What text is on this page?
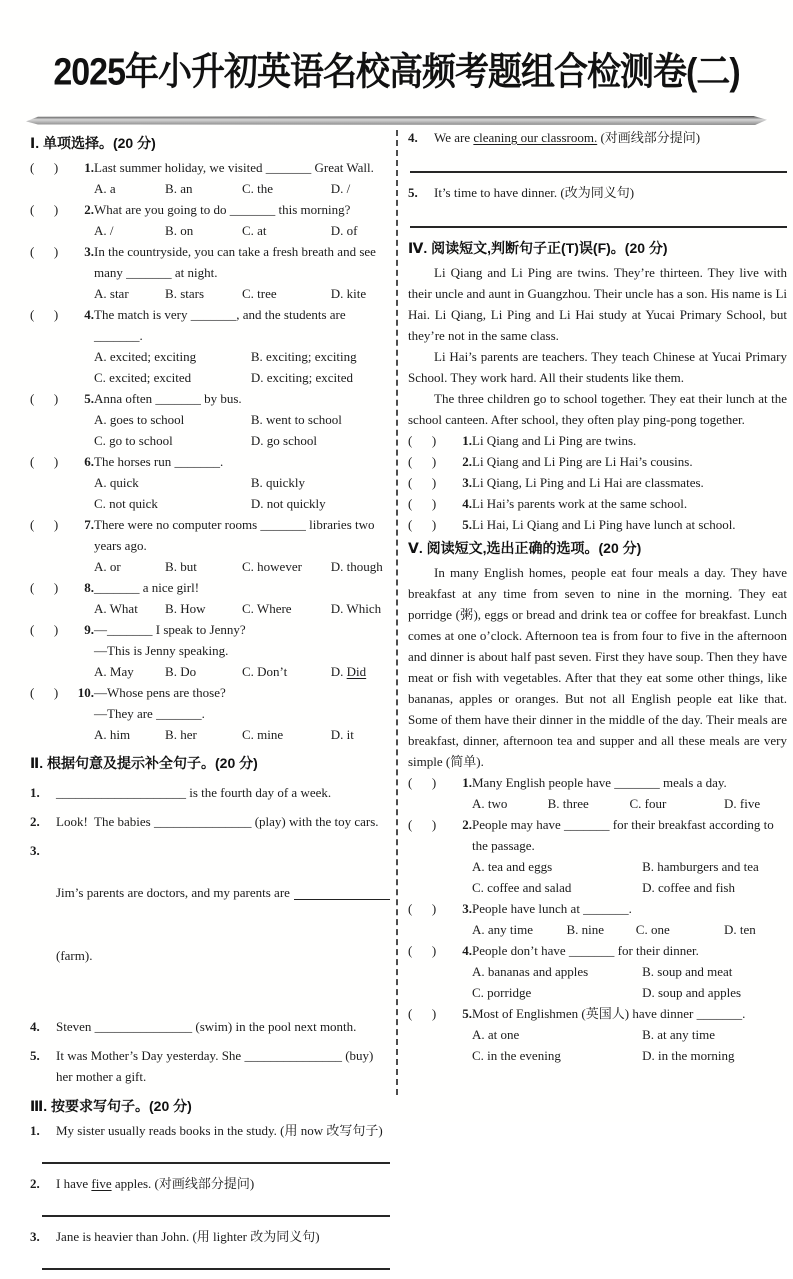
2025年小升初英语名校高频考题组合检测卷(二)
Ⅰ. 单项选择。(20 分)
(      ) 1. Last summer holiday, we visited _______ Great Wall.
A. a	B. an	C. the	D. /
(      ) 2. What are you going to do _______ this morning?
A. /	B. on	C. at	D. of
(      ) 3. In the countryside, you can take a fresh breath and see many _______ at night.
A. star	B. stars	C. tree	D. kite
(      ) 4. The match is very _______, and the students are _______.
A. excited; exciting	B. exciting; exciting
C. excited; excited	D. exciting; excited
(      ) 5. Anna often _______ by bus.
A. goes to school	B. went to school
C. go to school	D. go school
(      ) 6. The horses run _______.
A. quick	B. quickly
C. not quick	D. not quickly
(      ) 7. There were no computer rooms _______ libraries two years ago.
A. or	B. but	C. however	D. though
(      ) 8. _______ a nice girl!
A. What	B. How	C. Where	D. Which
(      ) 9. —_______ I speak to Jenny?
—This is Jenny speaking.
A. May	B. Do	C. Don’t	D. Did
(      ) 10. —Whose pens are those?
—They are _______.
A. him	B. her	C. mine	D. it
Ⅱ. 根据句意及提示补全句子。(20 分)
1.	____________________ is the fourth day of a week.
2.	Look!  The babies _______________ (play) with the toy cars.
3.

Jim’s parents are doctors, and my parents are

(farm).

4.	Steven _______________ (swim) in the pool next month.
5.	It was Mother’s Day yesterday. She _______________ (buy) her mother a gift.
Ⅲ. 按要求写句子。(20 分)
1.	My sister usually reads books in the study. (用 now 改写句子)
2.	I have five apples. (对画线部分提问)
3.	Jane is heavier than John. (用 lighter 改为同义句)
4.	We are cleaning our classroom. (对画线部分提问)
5.	It’s time to have dinner. (改为同义句)
Ⅳ. 阅读短文,判断句子正(T)误(F)。(20 分)

Li Qiang and Li Ping are twins. They’re thirteen. They live with their uncle and aunt in Guangzhou. Their uncle has a son. His name is Li Hai. Li Qiang, Li Ping and Li Hai study at Yucai Primary School, but they’re not in the same class.

Li Hai’s parents are teachers. They teach Chinese at Yucai Primary School. They work hard. All their students like them.

The three children go to school together. They eat their lunch at the school canteen. After school, they often play ping-pong together.

(      ) 1. Li Qiang and Li Ping are twins.
(      ) 2. Li Qiang and Li Ping are Li Hai’s cousins.
(      ) 3. Li Qiang, Li Ping and Li Hai are classmates.
(      ) 4. Li Hai’s parents work at the same school.
(      ) 5. Li Hai, Li Qiang and Li Ping have lunch at school.
Ⅴ. 阅读短文,选出正确的选项。(20 分)

In many English homes, people eat four meals a day. They have breakfast at any time from seven to nine in the morning. They eat porridge (粥), eggs or bread and drink tea or coffee for breakfast. Lunch comes at one o’clock. Afternoon tea is from four to five in the afternoon and dinner is about half past seven. First they have soup. Then they have meat or fish with vegetables. After that they eat some other things, like bananas, apples or oranges. But not all English people eat like that. Some of them have their dinner in the middle of the day. Their meals are breakfast, dinner, afternoon tea and supper and all these meals are very simple (简单).

(      ) 1. Many English people have _______ meals a day.
A. two	B. three	C. four	D. five
(      ) 2. People may have _______ for their breakfast according to the passage.
A. tea and eggs	B. hamburgers and tea
C. coffee and salad	D. coffee and fish
(      ) 3. People have lunch at _______.
A. any time	B. nine	C. one	D. ten
(      ) 4. People don’t have _______ for their dinner.
A. bananas and apples	B. soup and meat
C. porridge	D. soup and apples
(      ) 5. Most of Englishmen (英国人) have dinner _______.
A. at one	B. at any time
C. in the evening	D. in the morning
